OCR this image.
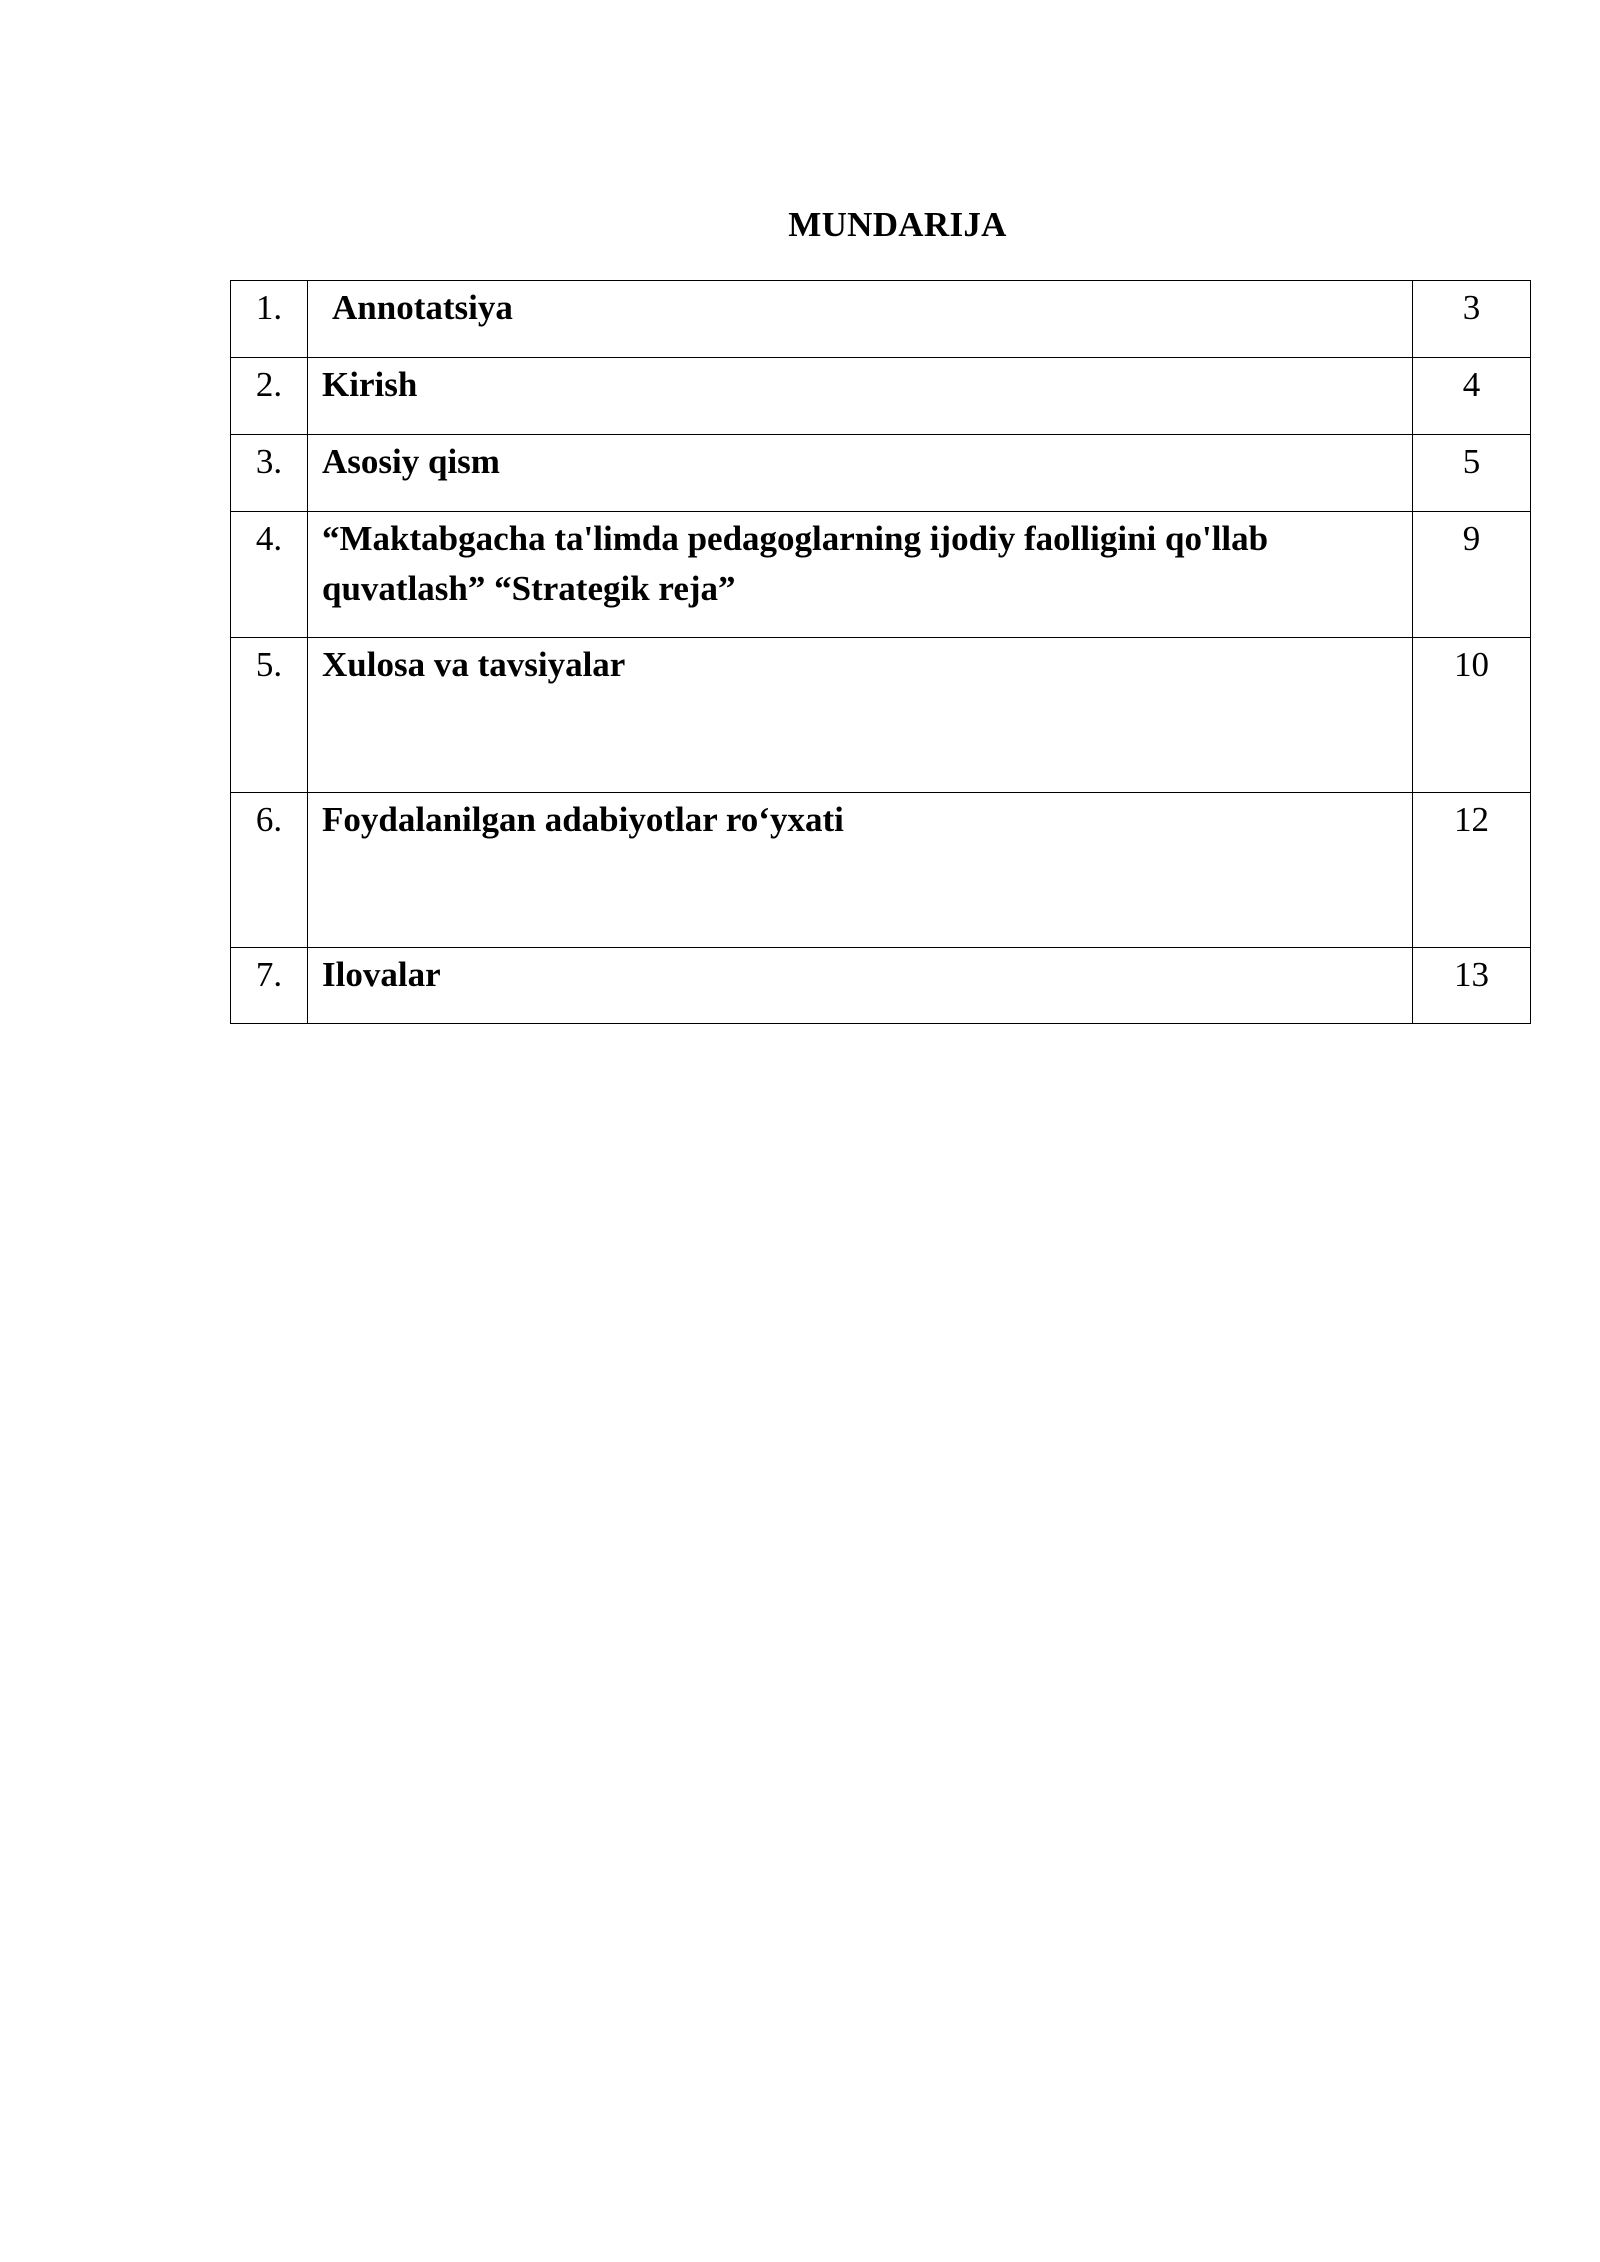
MUNDARIJA
1.	Annotatsiya	3
2.	Kirish	4
3.	Asosiy qism	5
4.	“Maktabgacha ta'limda pedagoglarning ijodiy faolligini qo'llab quvatlash” “Strategik reja”	9
5.	Xulosa va tavsiyalar	10
6.	Foydalanilgan adabiyotlar ro‘yxati	12
7.	Ilovalar	13
